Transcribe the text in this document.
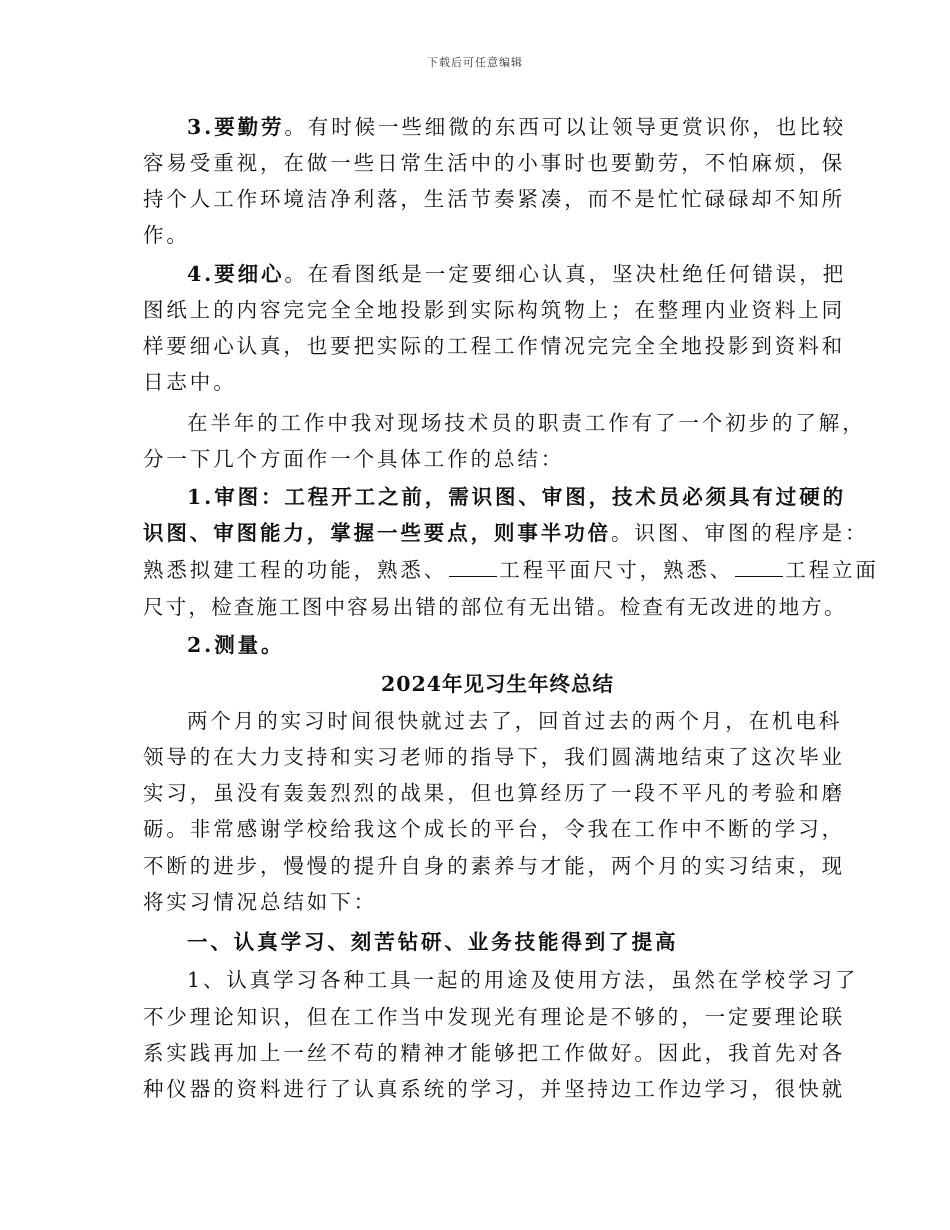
下载后可任意编辑
3.要勤劳。有时候一些细微的东西可以让领导更赏识你，也比较
容易受重视，在做一些日常生活中的小事时也要勤劳，不怕麻烦，保
持个人工作环境洁净利落，生活节奏紧凑，而不是忙忙碌碌却不知所
作。
4.要细心。在看图纸是一定要细心认真，坚决杜绝任何错误，把
图纸上的内容完完全全地投影到实际构筑物上；在整理内业资料上同
样要细心认真，也要把实际的工程工作情况完完全全地投影到资料和
日志中。
在半年的工作中我对现场技术员的职责工作有了一个初步的了解，
分一下几个方面作一个具体工作的总结：
1.审图：工程开工之前，需识图、审图，技术员必须具有过硬的
识图、审图能力，掌握一些要点，则事半功倍。识图、审图的程序是：
熟悉拟建工程的功能，熟悉、	工程平面尺寸，熟悉、	工程立面
尺寸，检查施工图中容易出错的部位有无出错。检查有无改进的地方。
2.测量。
2024年见习生年终总结
两个月的实习时间很快就过去了，回首过去的两个月，在机电科
领导的在大力支持和实习老师的指导下，我们圆满地结束了这次毕业
实习，虽没有轰轰烈烈的战果，但也算经历了一段不平凡的考验和磨
砺。非常感谢学校给我这个成长的平台，令我在工作中不断的学习，
不断的进步，慢慢的提升自身的素养与才能，两个月的实习结束，现
将实习情况总结如下：
一、认真学习、刻苦钻研、业务技能得到了提高
1、认真学习各种工具一起的用途及使用方法，虽然在学校学习了
不少理论知识，但在工作当中发现光有理论是不够的，一定要理论联
系实践再加上一丝不苟的精神才能够把工作做好。因此，我首先对各
种仪器的资料进行了认真系统的学习，并坚持边工作边学习，很快就
